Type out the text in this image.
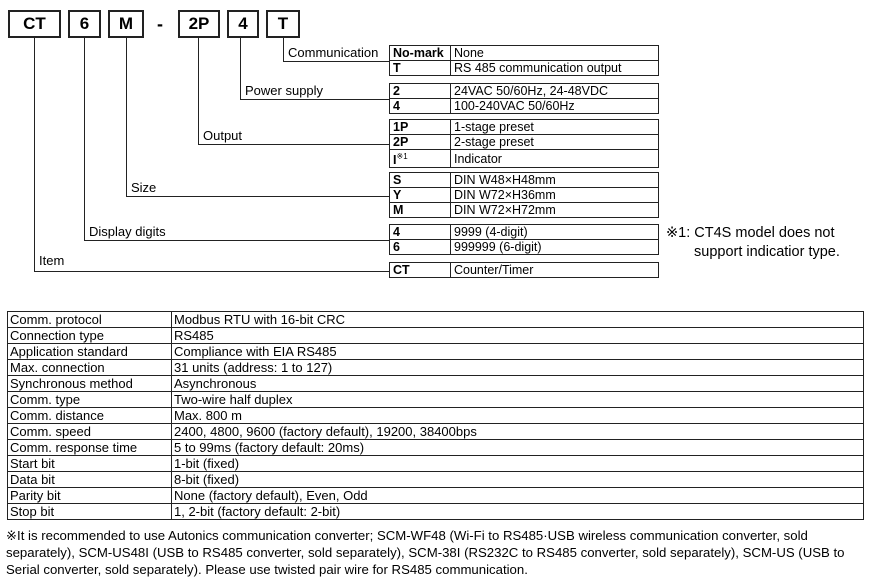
CT	6	M	-	2P	4	T
Communication
Power supply
Output
Size
Display digits
Item
No-mark	None
T	RS 485 communication output
2	24VAC 50/60Hz, 24-48VDC
4	100-240VAC 50/60Hz
1P	1-stage preset
2P	2-stage preset
$I^{※1}$	Indicator
S	DIN W48×H48mm
Y	DIN W72×H36mm
M	DIN W72×H72mm
4	9999 (4-digit)
6	999999 (6-digit)
CT	Counter/Timer
※1: CT4S model does not
support indicatior type.
Comm. protocol	Modbus RTU with 16-bit CRC
Connection type	RS485
Application standard	Compliance with EIA RS485
Max. connection	31 units (address: 1 to 127)
Synchronous method	Asynchronous
Comm. type	Two-wire half duplex
Comm. distance	Max. 800 m
Comm. speed	2400, 4800, 9600 (factory default), 19200, 38400bps
Comm. response time	5 to 99ms (factory default: 20ms)
Start bit	1-bit (fixed)
Data bit	8-bit (fixed)
Parity bit	None (factory default), Even, Odd
Stop bit	1, 2-bit (factory default: 2-bit)
※It is recommended to use Autonics communication converter; SCM-WF48 (Wi-Fi to RS485·USB wireless communication converter, sold separately), SCM-US48I (USB to RS485 converter, sold separately), SCM-38I (RS232C to RS485 converter, sold separately), SCM-US (USB to Serial converter, sold separately). Please use twisted pair wire for RS485 communication.
